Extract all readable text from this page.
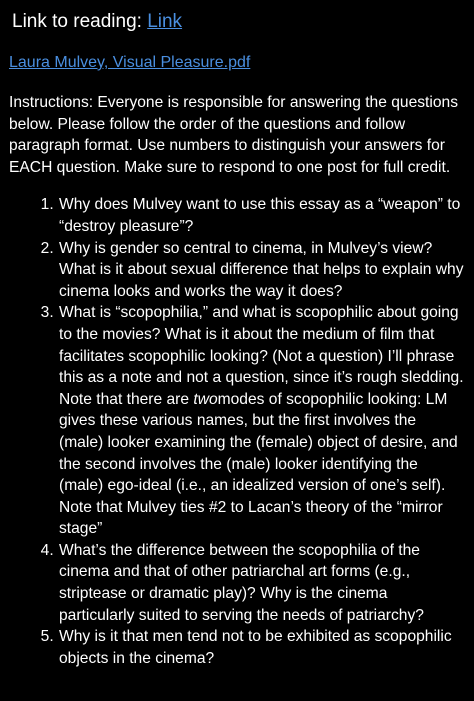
Link to reading: Link
Laura Mulvey, Visual Pleasure.pdf

Instructions: Everyone is responsible for answering the questions below. Please follow the order of the questions and follow paragraph format. Use numbers to distinguish your answers for EACH question. Make sure to respond to one post for full credit.

1. Why does Mulvey want to use this essay as a “weapon” to “destroy pleasure”?
2. Why is gender so central to cinema, in Mulvey’s view? What is it about sexual difference that helps to explain why cinema looks and works the way it does?
3. What is “scopophilia,” and what is scopophilic about going to the movies? What is it about the medium of film that facilitates scopophilic looking? (Not a question) I’ll phrase this as a note and not a question, since it’s rough sledding. Note that there are twomodes of scopophilic looking: LM gives these various names, but the first involves the (male) looker examining the (female) object of desire, and the second involves the (male) looker identifying the (male) ego-ideal (i.e., an idealized version of one’s self). Note that Mulvey ties #2 to Lacan’s theory of the “mirror stage”
4. What’s the difference between the scopophilia of the cinema and that of other patriarchal art forms (e.g., striptease or dramatic play)? Why is the cinema particularly suited to serving the needs of patriarchy?
5. Why is it that men tend not to be exhibited as scopophilic objects in the cinema?
